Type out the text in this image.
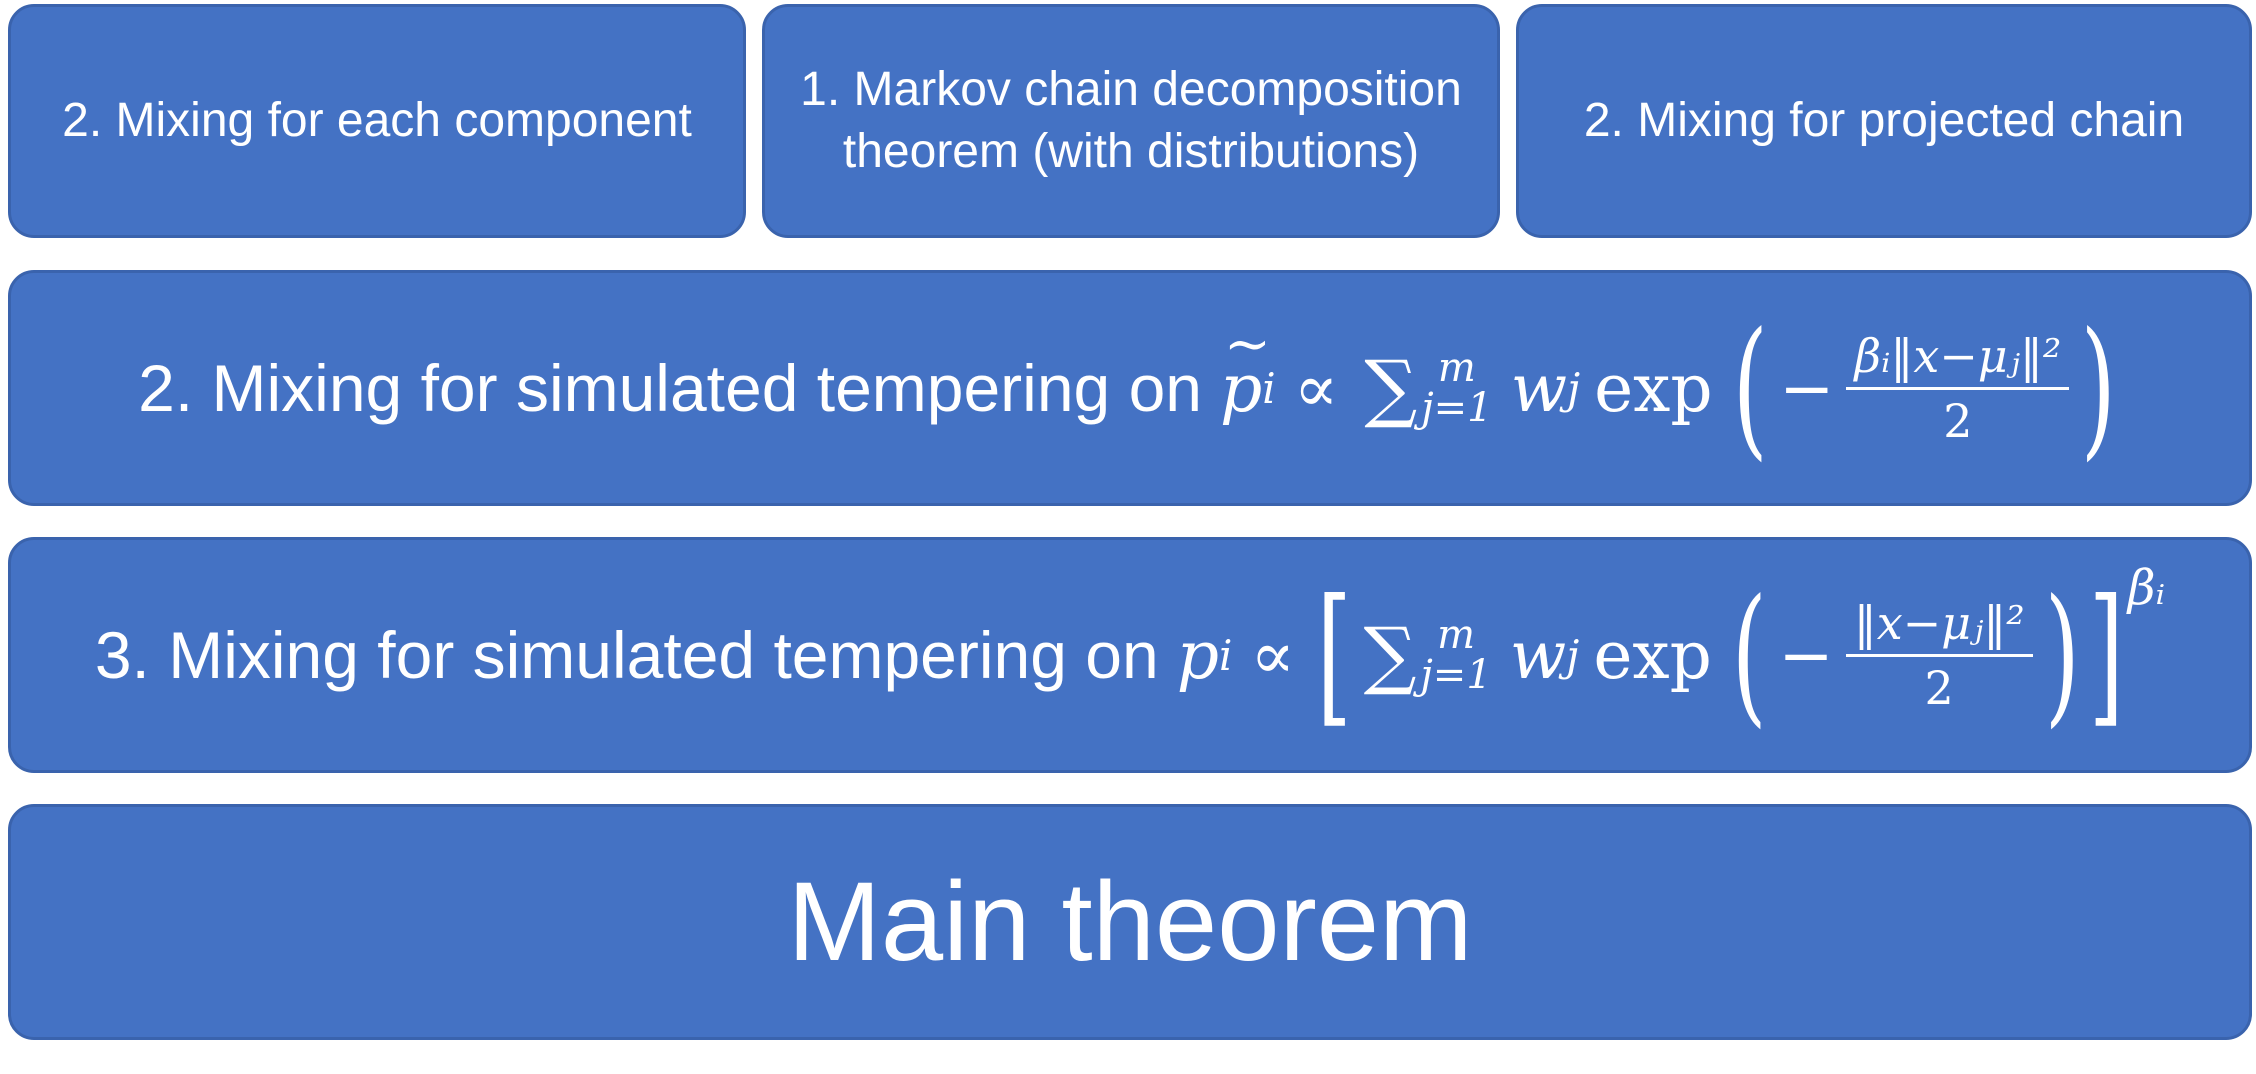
2. Mixing for each component
1. Markov chain decomposition theorem (with distributions)
2. Mixing for projected chain
2. Mixing for simulated tempering on
~ p i ∝ ∑ m
j=1 w j exp ( − $\frac{\text{βᵢ‖x−μⱼ‖²}}{2}$ )
3. Mixing for simulated tempering on p i ∝ [ ∑ m
j=1 w j exp ( − $\frac{\text{‖x−μⱼ‖²}}{2}$ ) ] βᵢ
Main theorem
